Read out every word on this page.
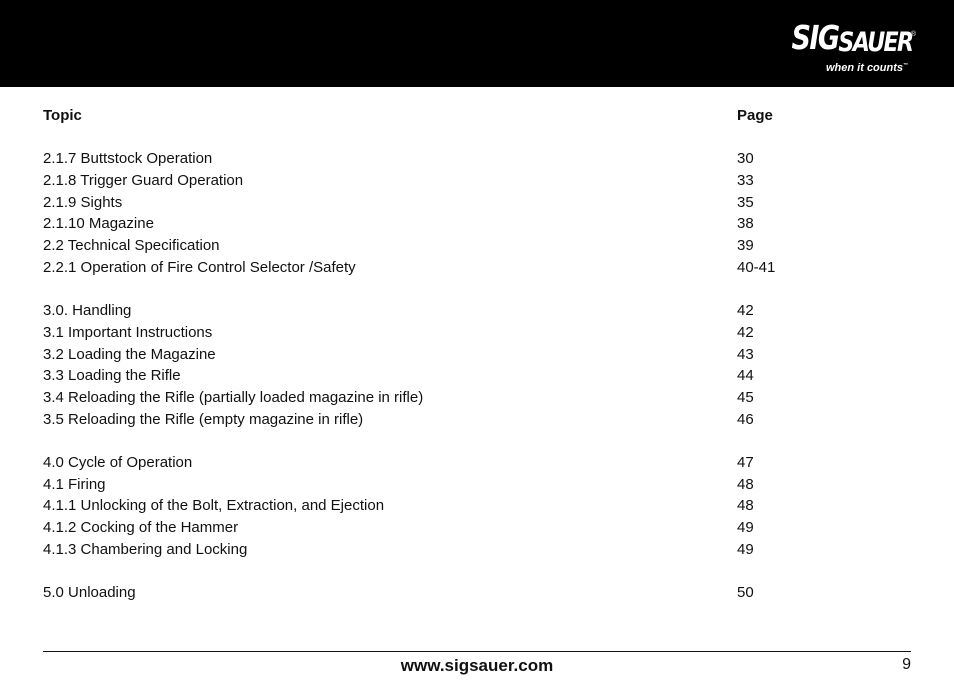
SIGSAUER
®
when it counts™
Topic	Page
2.1.7 Buttstock Operation	30
2.1.8 Trigger Guard Operation	33
2.1.9 Sights	35
2.1.10 Magazine	38
2.2 Technical Specification	39
2.2.1 Operation of Fire Control Selector /Safety	40-41
3.0. Handling	42
3.1 Important Instructions	42
3.2 Loading the Magazine	43
3.3 Loading the Rifle	44
3.4 Reloading the Rifle (partially loaded magazine in rifle)	45
3.5 Reloading the Rifle (empty magazine in rifle)	46
4.0 Cycle of Operation	47
4.1 Firing	48
4.1.1 Unlocking of the Bolt, Extraction, and Ejection	48
4.1.2 Cocking of the Hammer	49
4.1.3 Chambering and Locking	49
5.0 Unloading	50
www.sigsauer.com	9
